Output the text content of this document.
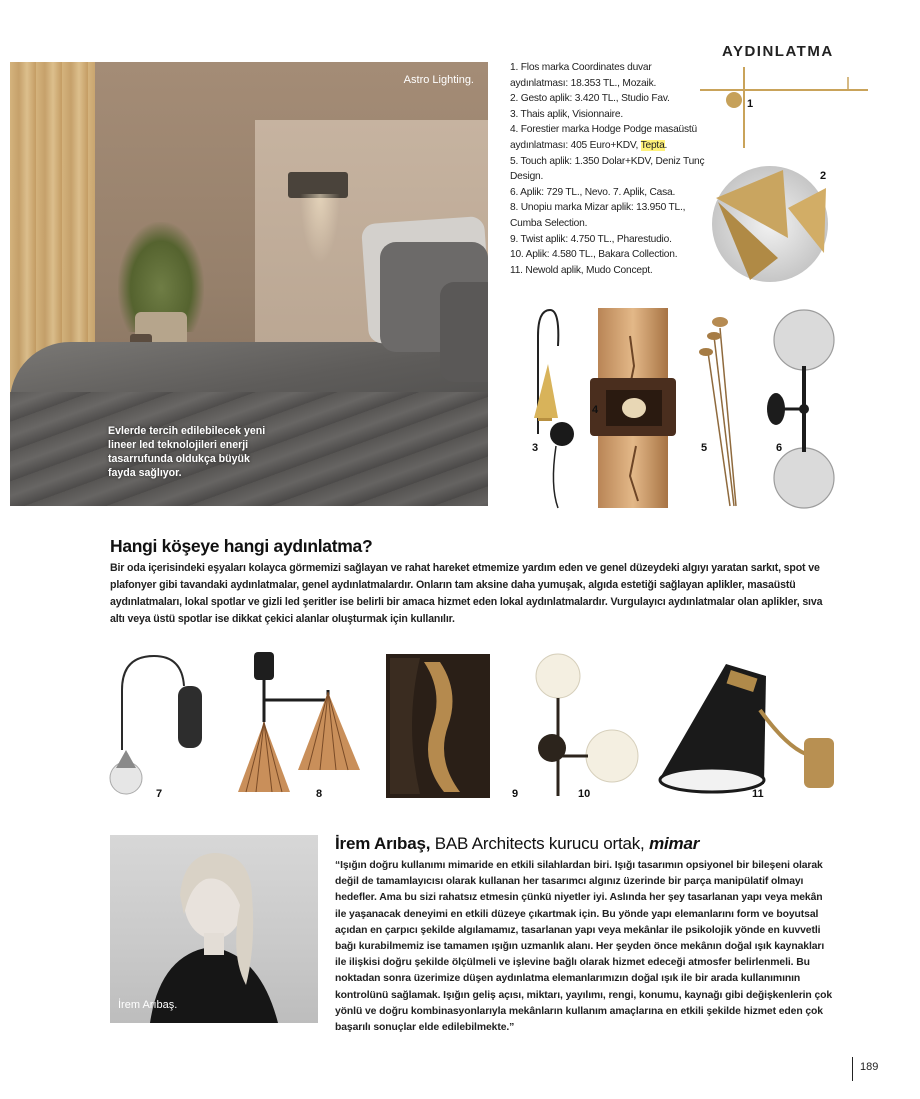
Astro Lighting.
Evlerde tercih edilebilecek yeni lineer led teknolojileri enerji tasarrufunda oldukça büyük fayda sağlıyor.
AYDINLATMA
1. Flos marka Coordinates duvar aydınlatması: 18.353 TL., Mozaik.
2. Gesto aplik: 3.420 TL., Studio Fav.
3. Thais aplik, Visionnaire.
4. Forestier marka Hodge Podge masaüstü aydınlatması: 405 Euro+KDV, Tepta.
5. Touch aplik: 1.350 Dolar+KDV, Deniz Tunç Design.
6. Aplik: 729 TL., Nevo. 7. Aplik, Casa.
8. Unopiu marka Mizar aplik: 13.950 TL., Cumba Selection.
9. Twist aplik: 4.750 TL., Pharestudio.
10. Aplik: 4.580 TL., Bakara Collection.
11. Newold aplik, Mudo Concept.
1
2
3
4
5	6
Hangi köşeye hangi aydınlatma?
Bir oda içerisindeki eşyaları kolayca görmemizi sağlayan ve rahat hareket etmemize yardım eden ve genel düzeydeki algıyı yaratan sarkıt, spot ve plafonyer gibi tavandaki aydınlatmalar, genel aydınlatmalardır. Onların tam aksine daha yumuşak, algıda estetiği sağlayan aplikler, masaüstü aydınlatmaları, lokal spotlar ve gizli led şeritler ise belirli bir amaca hizmet eden lokal aydınlatmalardır. Vurgulayıcı aydınlatmalar olan aplikler, sıva altı veya üstü spotlar ise dikkat çekici alanlar oluşturmak için kullanılır.
7	8	9	10	11
İrem Arıbaş.
İrem Arıbaş, BAB Architects kurucu ortak, mimar
“Işığın doğru kullanımı mimaride en etkili silahlardan biri. Işığı tasarımın opsiyonel bir bileşeni olarak değil de tamamlayıcısı olarak kullanan her tasarımcı algınız üzerinde bir parça manipülatif olmayı hedefler. Ama bu sizi rahatsız etmesin çünkü niyetler iyi. Aslında her şey tasarlanan yapı veya mekân ile yaşanacak deneyimi en etkili düzeye çıkartmak için. Bu yönde yapı elemanlarını form ve boyutsal açıdan en çarpıcı şekilde algılamamız, tasarlanan yapı veya mekânlar ile psikolojik yönde en kuvvetli bağı kurabilmemiz ise tamamen ışığın uzmanlık alanı. Her şeyden önce mekânın doğal ışık kaynakları ile ilişkisi doğru şekilde ölçülmeli ve işlevine bağlı olarak hizmet edeceği atmosfer belirlenmeli. Bu noktadan sonra üzerimize düşen aydınlatma elemanlarımızın doğal ışık ile bir arada kullanımının kontrolünü sağlamak. Işığın geliş açısı, miktarı, yayılımı, rengi, konumu, kaynağı gibi değişkenlerin çok yönlü ve doğru kombinasyonlarıyla mekânların kullanım amaçlarına en etkili şekilde hizmet eden çok başarılı sonuçlar elde edilebilmekte.”
189
